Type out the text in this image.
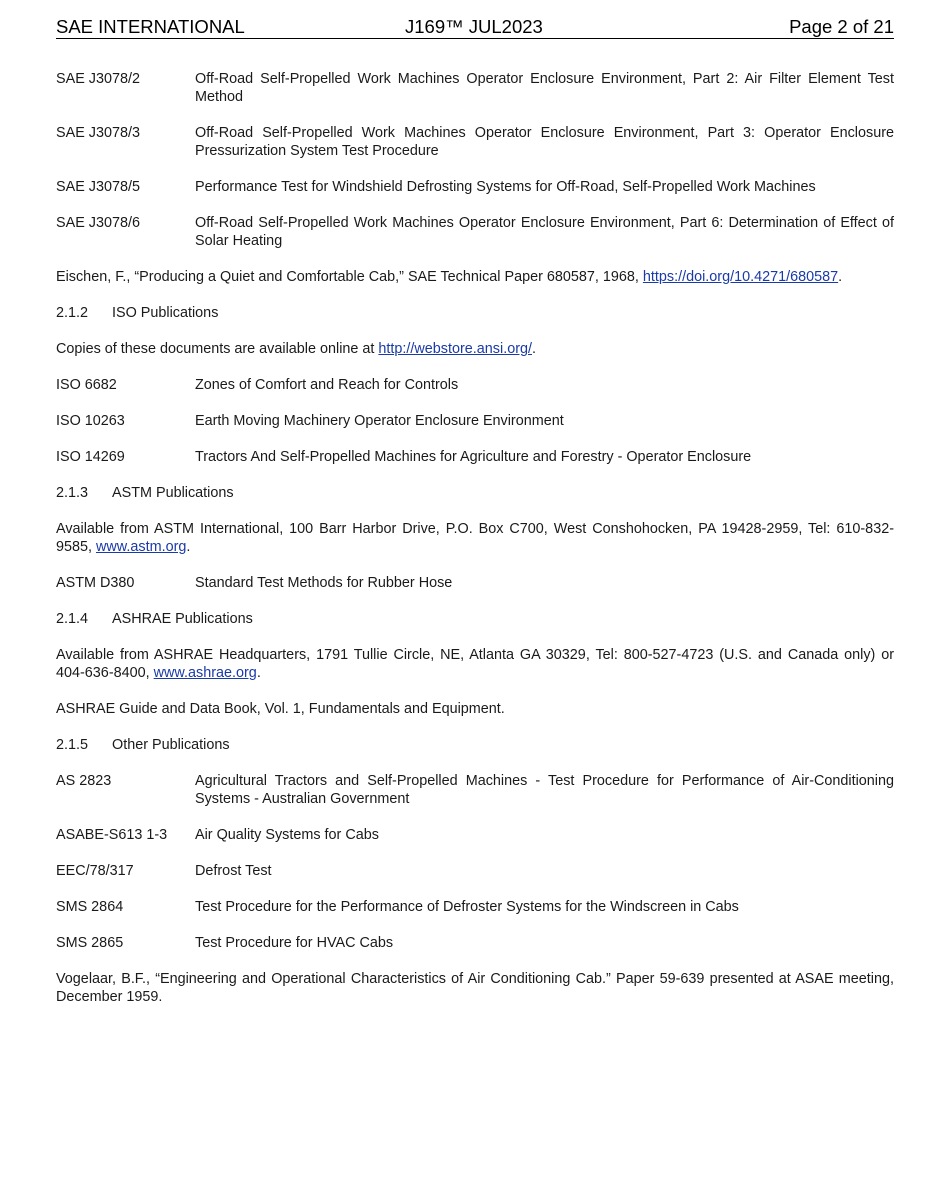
SAE INTERNATIONAL	J169™ JUL2023	Page 2 of 21
SAE J3078/2	Off-Road Self-Propelled Work Machines Operator Enclosure Environment, Part 2: Air Filter Element Test Method
SAE J3078/3	Off-Road Self-Propelled Work Machines Operator Enclosure Environment, Part 3: Operator Enclosure Pressurization System Test Procedure
SAE J3078/5	Performance Test for Windshield Defrosting Systems for Off-Road, Self-Propelled Work Machines
SAE J3078/6	Off-Road Self-Propelled Work Machines Operator Enclosure Environment, Part 6: Determination of Effect of Solar Heating

Eischen, F., “Producing a Quiet and Comfortable Cab,” SAE Technical Paper 680587, 1968, https://doi.org/10.4271/680587.

2.1.2 ISO Publications

Copies of these documents are available online at http://webstore.ansi.org/.

ISO 6682	Zones of Comfort and Reach for Controls
ISO 10263	Earth Moving Machinery Operator Enclosure Environment
ISO 14269	Tractors And Self-Propelled Machines for Agriculture and Forestry - Operator Enclosure
2.1.3 ASTM Publications

Available from ASTM International, 100 Barr Harbor Drive, P.O. Box C700, West Conshohocken, PA 19428-2959, Tel: 610-832-9585, www.astm.org.

ASTM D380	Standard Test Methods for Rubber Hose
2.1.4 ASHRAE Publications

Available from ASHRAE Headquarters, 1791 Tullie Circle, NE, Atlanta GA 30329, Tel: 800-527-4723 (U.S. and Canada only) or 404-636-8400, www.ashrae.org.

ASHRAE Guide and Data Book, Vol. 1, Fundamentals and Equipment.

2.1.5 Other Publications
AS 2823	Agricultural Tractors and Self-Propelled Machines - Test Procedure for Performance of Air-Conditioning Systems - Australian Government
ASABE-S613 1-3	Air Quality Systems for Cabs
EEC/78/317	Defrost Test
SMS 2864	Test Procedure for the Performance of Defroster Systems for the Windscreen in Cabs
SMS 2865	Test Procedure for HVAC Cabs

Vogelaar, B.F., “Engineering and Operational Characteristics of Air Conditioning Cab.” Paper 59-639 presented at ASAE meeting, December 1959.
